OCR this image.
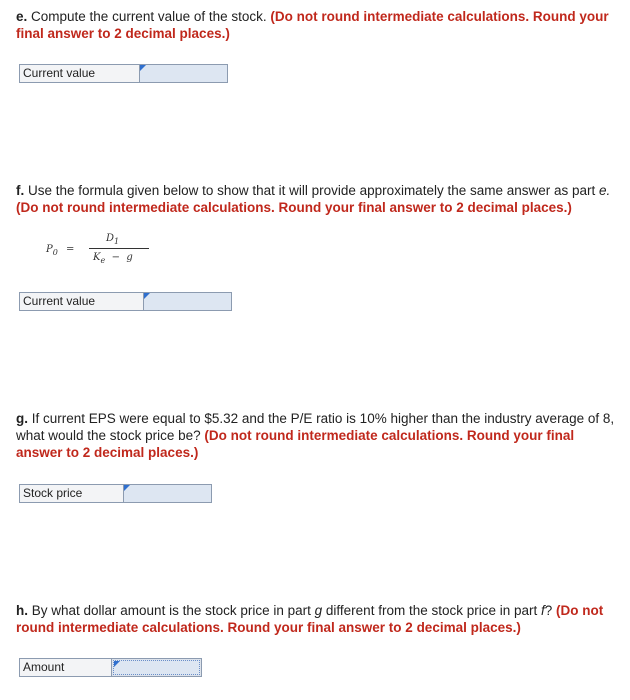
e. Compute the current value of the stock. (Do not round intermediate calculations. Round your final answer to 2 decimal places.)
Current value
f. Use the formula given below to show that it will provide approximately the same answer as part e. (Do not round intermediate calculations. Round your final answer to 2 decimal places.)
$P_0$ =
$D_1$
$K_e - g$
Current value
g. If current EPS were equal to $5.32 and the P/E ratio is 10% higher than the industry average of 8, what would the stock price be? (Do not round intermediate calculations. Round your final answer to 2 decimal places.)
Stock price
h. By what dollar amount is the stock price in part g different from the stock price in part f? (Do not round intermediate calculations. Round your final answer to 2 decimal places.)
Amount
